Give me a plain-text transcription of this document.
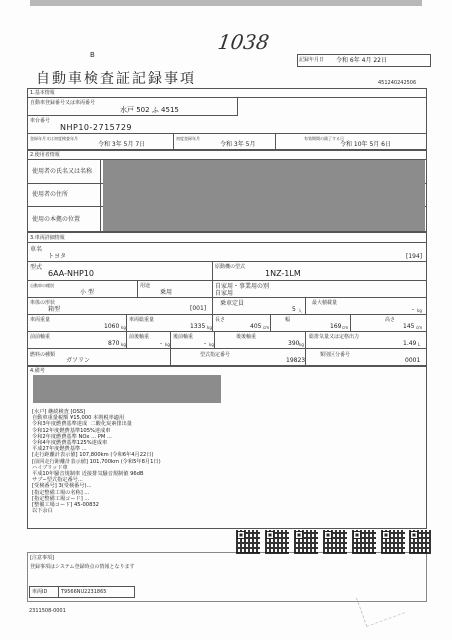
1038
記録年月日 令和 6年 4月 22日
B
自動車検査証記録事項	451240242506
1.基本情報
自動車登録番号又は車両番号
水戸 502 ふ 4515
車台番号
NHP10-2715729
登録年月又は初度検査年月
令和 3年 5月 7日
初度登録年月
令和 3年 5月
有効期間の満了する日
令和 10年 5月 6日
2.使用者情報
使用者の氏名又は名称
使用者の住所
使用の本拠の位置
3.車両詳細情報
車名
トヨタ	[194]
型式
6AA-NHP10
原動機の型式
1NZ-1LM
自動車の種別
小 型
用途
乗用
自家用・事業用の別
自家用
車体の形状
箱型	[001]
乗車定員
5 人
最大積載量
- kg
車両重量
1060 kg
車両総重量
1335 kg
長さ
405 cm
幅
169 cm
高さ
145 cm
前前軸重
870 kg
前後軸重
- kg
後前軸重
- kg
後後軸重
390 kg
総排気量又は定格出力
1.49 L
燃料の種類
ガソリン
型式指定番号
19823
類別区分番号
0001
4.備考
[水戸] 継続検査 [OSS]
自動車重量税額 ¥15,000 本則税率適用
令和3年度燃費基準達成  二酸化炭素排出量
令和12年度燃費基準105%達成車
令和2年度燃費基準 NOx ... PM ...
令和4年度燃費基準125%達成車
平成27年度燃費基準 ...
[走行距離計表示値] 107,800km (令和6年4月22日)
[前回走行距離計表示値] 101,700km (令和5年8月1日)
ハイブリッド車
平成10年騒音規制車 近接排気騒音規制値 96dB
サブ−型式指定番号...
[受検番号] 3(受検番号)...
[指定整備工場の名称] ...
[指定整備工場コード] ...
[整備工場コード] 45-00832
以下余白
[注意事項]
登録事項はシステム登録時点の情報となります
車両ID	T9566NU2231865
2311508-0001
